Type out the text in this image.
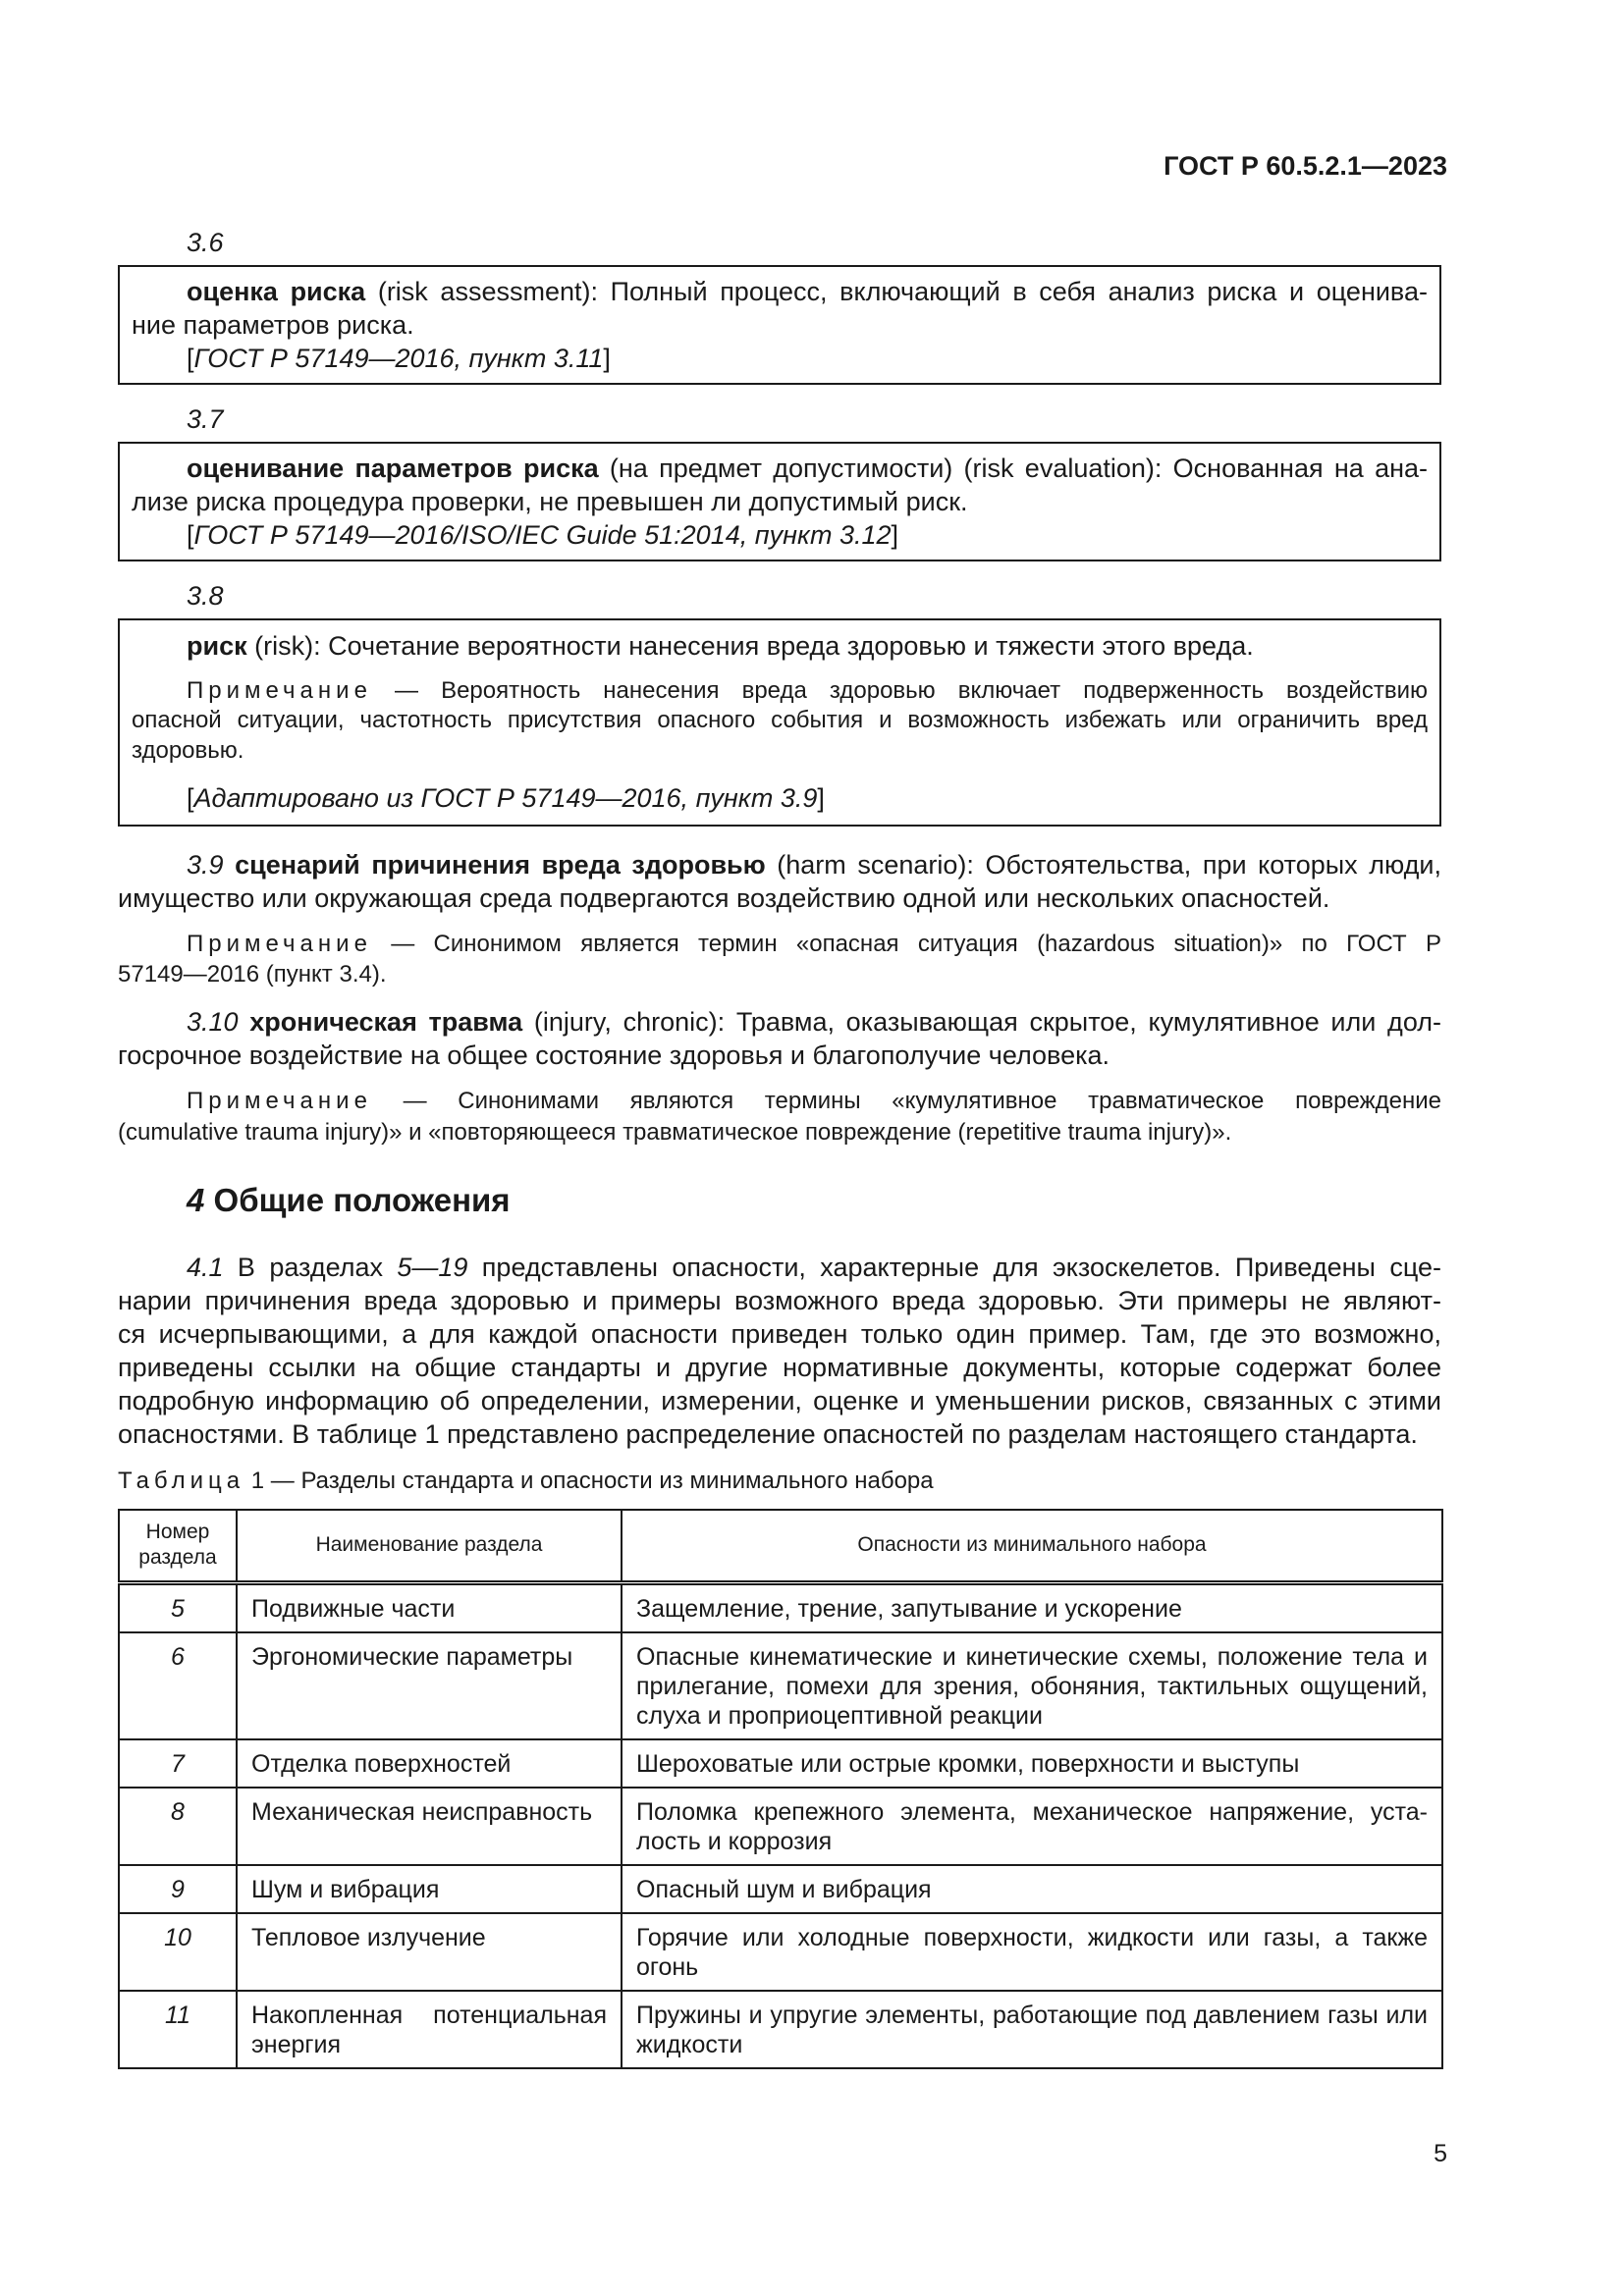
ГОСТ Р 60.5.2.1—2023
3.6
оценка риска (risk assessment): Полный процесс, включающий в себя анализ риска и оценива-
ние параметров риска.
[ГОСТ Р 57149—2016, пункт 3.11]
3.7
оценивание параметров риска (на предмет допустимости) (risk evaluation): Основанная на ана-
лизе риска процедура проверки, не превышен ли допустимый риск.
[ГОСТ Р 57149—2016/ISO/IEC Guide 51:2014, пункт 3.12]
3.8
риск (risk): Сочетание вероятности нанесения вреда здоровью и тяжести этого вреда.
Примечание — Вероятность нанесения вреда здоровью включает подверженность воздействию
опасной ситуации, частотность присутствия опасного события и возможность избежать или ограничить вред
здоровью.
[Адаптировано из ГОСТ Р 57149—2016, пункт 3.9]
3.9 сценарий причинения вреда здоровью (harm scenario): Обстоятельства, при которых люди,
имущество или окружающая среда подвергаются воздействию одной или нескольких опасностей.
Примечание — Синонимом является термин «опасная ситуация (hazardous situation)» по ГОСТ Р
57149—2016 (пункт 3.4).
3.10 хроническая травма (injury, chronic): Травма, оказывающая скрытое, кумулятивное или дол-
госрочное воздействие на общее состояние здоровья и благополучие человека.
Примечание — Синонимами являются термины «кумулятивное травматическое повреждение
(cumulative trauma injury)» и «повторяющееся травматическое повреждение (repetitive trauma injury)».
4 Общие положения
4.1 В разделах 5—19 представлены опасности, характерные для экзоскелетов. Приведены сце-
нарии причинения вреда здоровью и примеры возможного вреда здоровью. Эти примеры не являют-
ся исчерпывающими, а для каждой опасности приведен только один пример. Там, где это возможно,
приведены ссылки на общие стандарты и другие нормативные документы, которые содержат более
подробную информацию об определении, измерении, оценке и уменьшении рисков, связанных с этими
опасностями. В таблице 1 представлено распределение опасностей по разделам настоящего стандарта.
Таблица 1 — Разделы стандарта и опасности из минимального набора
Номер раздела	Наименование раздела	Опасности из минимального набора
5	Подвижные части	Защемление, трение, запутывание и ускорение
6	Эргономические параметры	Опасные кинематические и кинетические схемы, положение тела и прилегание, помехи для зрения, обоняния, тактильных ощущений, слуха и проприоцептивной реакции
7	Отделка поверхностей	Шероховатые или острые кромки, поверхности и выступы
8	Механическая неисправность	Поломка крепежного элемента, механическое напряжение, уста-лость и коррозия
9	Шум и вибрация	Опасный шум и вибрация
10	Тепловое излучение	Горячие или холодные поверхности, жидкости или газы, а также огонь
11	Накопленная потенциальная энергия	Пружины и упругие элементы, работающие под давлением газы или жидкости
5
